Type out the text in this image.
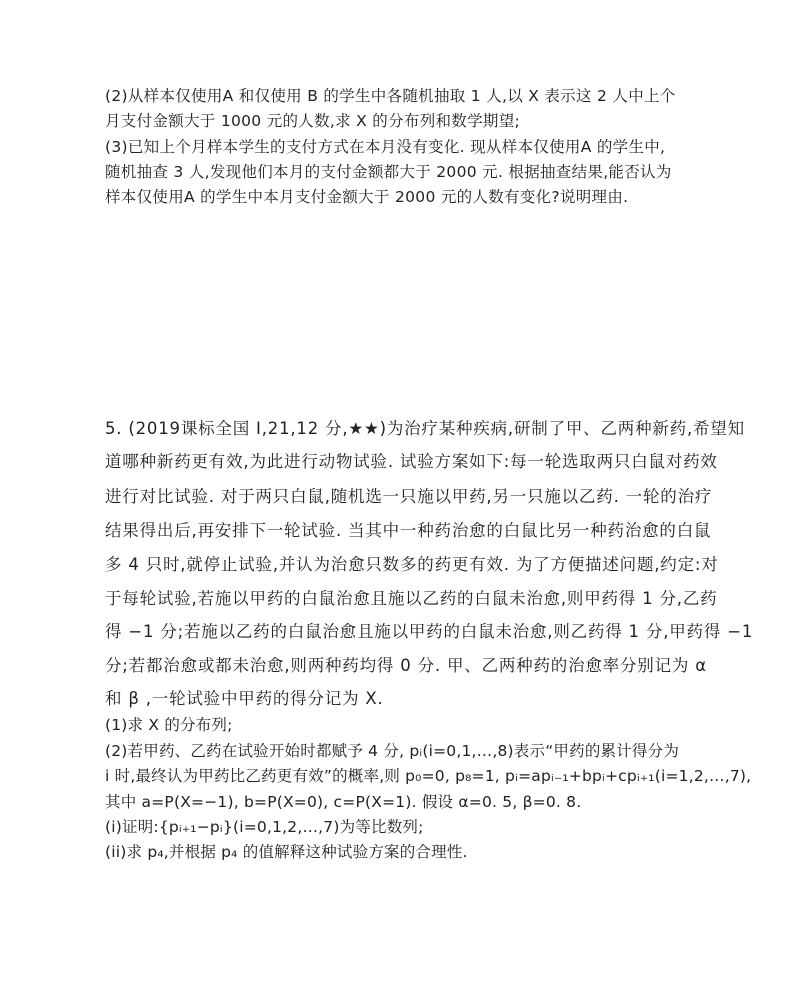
(2)从样本仅使用A 和仅使用 B 的学生中各随机抽取 1 人,以 X 表示这 2 人中上个
月支付金额大于 1000 元的人数,求 X 的分布列和数学期望;
(3)已知上个月样本学生的支付方式在本月没有变化. 现从样本仅使用A 的学生中,
随机抽查 3 人,发现他们本月的支付金额都大于 2000 元. 根据抽查结果,能否认为
样本仅使用A 的学生中本月支付金额大于 2000 元的人数有变化?说明理由.
5. (2019课标全国 Ⅰ,21,12 分,★★)为治疗某种疾病,研制了甲、乙两种新药,希望知
道哪种新药更有效,为此进行动物试验. 试验方案如下:每一轮选取两只白鼠对药效
进行对比试验. 对于两只白鼠,随机选一只施以甲药,另一只施以乙药. 一轮的治疗
结果得出后,再安排下一轮试验. 当其中一种药治愈的白鼠比另一种药治愈的白鼠
多 4 只时,就停止试验,并认为治愈只数多的药更有效. 为了方便描述问题,约定:对
于每轮试验,若施以甲药的白鼠治愈且施以乙药的白鼠未治愈,则甲药得 1 分,乙药
得 −1 分;若施以乙药的白鼠治愈且施以甲药的白鼠未治愈,则乙药得 1 分,甲药得 −1
分;若都治愈或都未治愈,则两种药均得 0 分. 甲、乙两种药的治愈率分别记为 α
和 β ,一轮试验中甲药的得分记为 X.
(1)求 X 的分布列;
(2)若甲药、乙药在试验开始时都赋予 4 分, pᵢ(i=0,1,…,8)表示“甲药的累计得分为
i 时,最终认为甲药比乙药更有效”的概率,则 p₀=0, p₈=1, pᵢ=apᵢ₋₁+bpᵢ+cpᵢ₊₁(i=1,2,…,7),
其中 a=P(X=−1), b=P(X=0), c=P(X=1). 假设 α=0. 5, β=0. 8.
(i)证明:{pᵢ₊₁−pᵢ}(i=0,1,2,…,7)为等比数列;
(ii)求 p₄,并根据 p₄ 的值解释这种试验方案的合理性.
